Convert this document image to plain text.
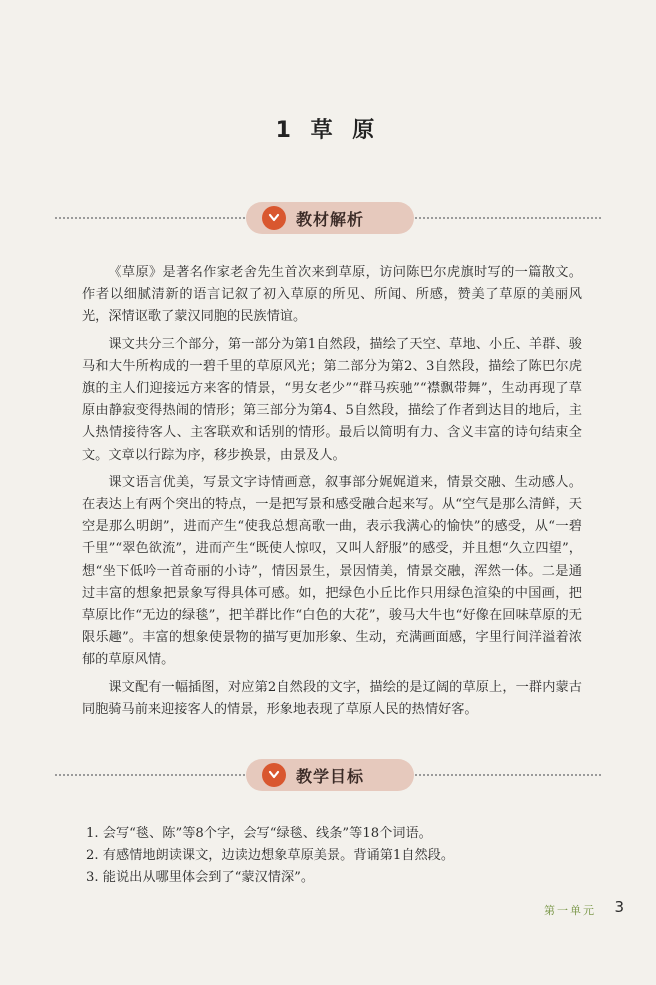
1 草 原
教材解析

《草原》是著名作家老舍先生首次来到草原，访问陈巴尔虎旗时写的一篇散文。作者以细腻清新的语言记叙了初入草原的所见、所闻、所感，赞美了草原的美丽风光，深情讴歌了蒙汉同胞的民族情谊。

课文共分三个部分，第一部分为第1自然段，描绘了天空、草地、小丘、羊群、骏马和大牛所构成的一碧千里的草原风光；第二部分为第2、3自然段，描绘了陈巴尔虎旗的主人们迎接远方来客的情景，“男女老少”“群马疾驰”“襟飘带舞”，生动再现了草原由静寂变得热闹的情形；第三部分为第4、5自然段，描绘了作者到达目的地后，主人热情接待客人、主客联欢和话别的情形。最后以简明有力、含义丰富的诗句结束全文。文章以行踪为序，移步换景，由景及人。

课文语言优美，写景文字诗情画意，叙事部分娓娓道来，情景交融、生动感人。在表达上有两个突出的特点，一是把写景和感受融合起来写。从“空气是那么清鲜，天空是那么明朗”，进而产生“使我总想高歌一曲，表示我满心的愉快”的感受，从“一碧千里”“翠色欲流”，进而产生“既使人惊叹，又叫人舒服”的感受，并且想“久立四望”，想“坐下低吟一首奇丽的小诗”，情因景生，景因情美，情景交融，浑然一体。二是通过丰富的想象把景象写得具体可感。如，把绿色小丘比作只用绿色渲染的中国画，把草原比作“无边的绿毯”，把羊群比作“白色的大花”，骏马大牛也“好像在回味草原的无限乐趣”。丰富的想象使景物的描写更加形象、生动，充满画面感，字里行间洋溢着浓郁的草原风情。

课文配有一幅插图，对应第2自然段的文字，描绘的是辽阔的草原上，一群内蒙古同胞骑马前来迎接客人的情景，形象地表现了草原人民的热情好客。

教学目标
1. 会写“毯、陈”等8个字，会写“绿毯、线条”等18个词语。
2. 有感情地朗读课文，边读边想象草原美景。背诵第1自然段。
3. 能说出从哪里体会到了“蒙汉情深”。
第一单元 3
